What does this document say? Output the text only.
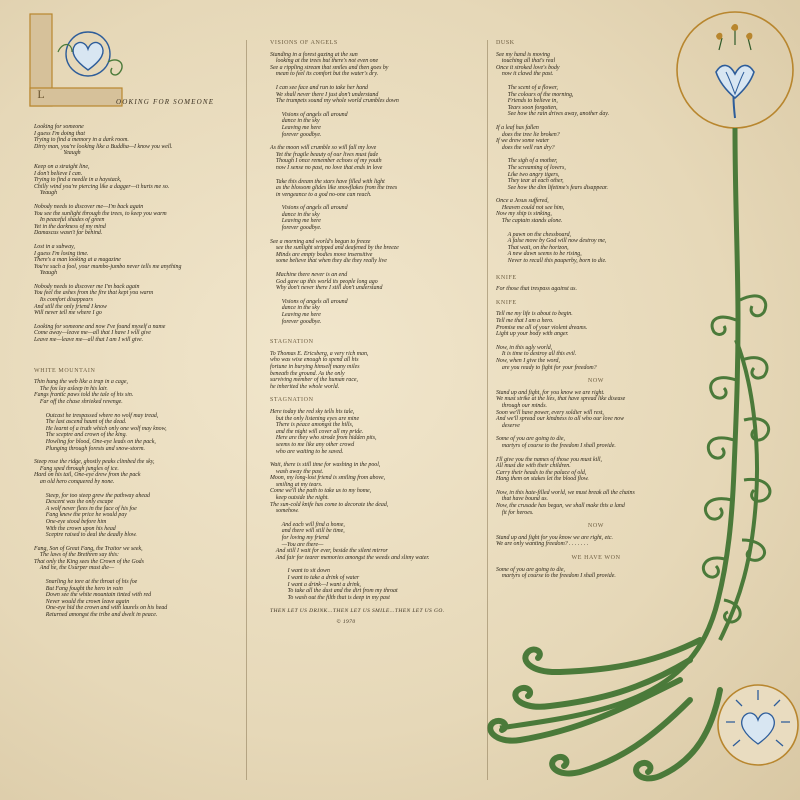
L
OOKING FOR SOMEONE

Looking for someone
I guess I'm doing that
Trying to find a memory in a dark room.
Dirty man, you're looking like a Buddha—I know you well.
Yeaugh

Keep on a straight line,
I don't believe I can.
Trying to find a needle in a haystack,
Chilly wind you're piercing like a dagger—it hurts me so.
Yeaugh

Nobody needs to discover me—I'm back again
You see the sunlight through the trees, to keep you warm
In peaceful shades of green
Yet in the darkness of my mind
Damascus wasn't far behind.

Lost in a subway,
I guess I'm losing time.
There's a man looking at a magazine
You're such a fool, your mumbo-jumbo never tells me anything
Yeaugh

Nobody needs to discover me I'm back again
You feel the ashes from the fire that kept you warm
Its comfort disappears
And still the only friend I know
Will never tell me where I go

Looking for someone and now I've found myself a name
Come away—leave me—all that I have I will give
Leave me—leave me—all that I am I will give.

WHITE MOUNTAIN

Thin hung the web like a trap in a cage,
The fox lay asleep in his lair.
Fangs frantic paws told the tale of his sin.
Far off the chase shrieked revenge.

Outcast he trespassed where no wolf may tread,
The last ascend haunt of the dead.
He learnt of a truth which only one wolf may know,
The sceptre and crown of the king.
Howling for blood, One-eye leads on the pack,
Plunging through forests and snow-storm.

Steep rose the ridge, ghostly peaks climbed the sky,
Fang sped through jungles of ice.
Hard on his tail, One-eye drew from the pack
an old hero conquered by none.

Steep, for too steep grew the pathway ahead
Descent was the only escape
A wolf never flees in the face of his foe
Fang knew the price he would pay
One-eye stood before him
With the crown upon his head
Sceptre raised to deal the deadly blow.

Fang, Son of Great Fang, the Traitor we seek,
The laws of the Brethren say this:
That only the King sees the Crown of the Gods
And he, the Usurper must die—

Snarling he tore at the throat of his foe
But Fang fought the hero in vain
Down see the white mountain tinted with red
Never would the crown leave again
One-eye hid the crown and with laurels on his head
Returned amongst the tribe and dwelt in peace.

VISIONS OF ANGELS

Standing in a forest gazing at the sun
looking at the trees but there's not even one
See a rippling stream that smiles and then goes by
mean to feel its comfort but the water's dry.

I can see face and run to take her hand
We shall never there I just don't understand
The trumpets sound my whole world crumbles down

Visions of angels all around
dance in the sky
Leaving me here
forever goodbye.

As the moon will crumble so will fall my love
Yet the fragile beauty of our lives must fade
Though I once remember echoes of my youth
now I sense no past, no love that ends in love

Take this dream the stars have filled with light
as the blossom glides like snowflakes from the trees
in vengeance to a god no-one can reach.

Visions of angels all around
dance in the sky
Leaving me here
forever goodbye.

See a morning and world's begun to freeze
see the sunlight stripped and deafened by the breeze
Minds are empty bodies move insensitive
some believe that when they die they really live

Machine there never is an end
God gave up this world its people long ago
Why don't never there I still don't understand

Visions of angels all around
dance in the sky
Leaving me here
forever goodbye.

STAGNATION

To Thomas E. Ericsberg, a very rich man,
who was wise enough to spend all his
fortune in burying himself many miles
beneath the ground. As the only
surviving member of the human race,
he inherited the whole world.

STAGNATION

Here today the red sky tells his tale,
but the only listening eyes are mine
There is peace amongst the hills,
and the night will cover all my pride.
Here are they who strode from hidden pits,
seems to me like any other crowd
who are waiting to be saved.

Wait, there is still time for washing in the pool,
wash away the past.
Moon, my long-lost friend is smiling from above,
smiling at my tears.
Come we'll the path to take us to my home,
keep outside the night.
The sun-cold knife has come to decorate the dead,
somehow.

And each will find a home,
and there will still be time,
for loving my friend
—You are there—
And still I wait for ever, beside the silent mirror
And fair for tearer memories amongst the weeds and slimy water.

I want to sit down
I want to take a drink of water
I want a drink—I want a drink,
To take all the dust and the dirt from my throat
To wash out the filth that is deep in my past

THEN LET US DRINK...THEN LET US SMILE...THEN LET US GO.
© 1970
DUSK

See my hand is moving
touching all that's real
Once it stroked love's body
now it clawd the past.

The scent of a flower,
The colours of the morning,
Friends to believe in,
Tears soon forgotten,
See how the rain drives away, another day.

If a leaf has fallen
does the tree lie broken?
If we drew some water
does the well run dry?

The sigh of a mother,
The screaming of lovers,
Like two angry tigers,
They tear at each other,
See how the dim lifetime's fears disappear.

Once a Jesus suffered,
Heaven could not see him,
Now my ship is sinking,
The captain stands alone.

A pawn on the chessboard,
A false move by God will now destroy me,
That wait, on the horizon,
A new dawn seems to be rising,
Never to recall this pauperby, born to die.

KNIFE

For those that trespass against us.

KNIFE

Tell me my life is about to begin.
Tell me that I am a hero.
Promise me all of your violent dreams.
Light up your body with anger.

Now, in this ugly world,
It is time to destroy all this evil.
Now, when I give the word,
are you ready to fight for your freedom?

NOW

Stand up and fight, for you know we are right.
We must strike at the lies, that have spread like disease
through our minds.
Soon we'll have power, every soldier will rest,
And we'll spread our kindness to all who our love now
deserve

Some of you are going to die,
martyrs of course to the freedom I shall provide.

I'll give you the names of those you must kill,
All must die with their children.
Carry their heads to the palace of old,
Hang them on stakes let the blood flow.

Now, in this hate-filled world, we must break all the chains
that have bound us.
Now, the crusade has begun, we shall make this a land
fit for heroes.

NOW

Stand up and fight for you know we are right, etc.
We are only wanting freedom? . . . . . . .

WE HAVE WON

Some of you are going to die,
martyrs of course to the freedom I shall provide.
